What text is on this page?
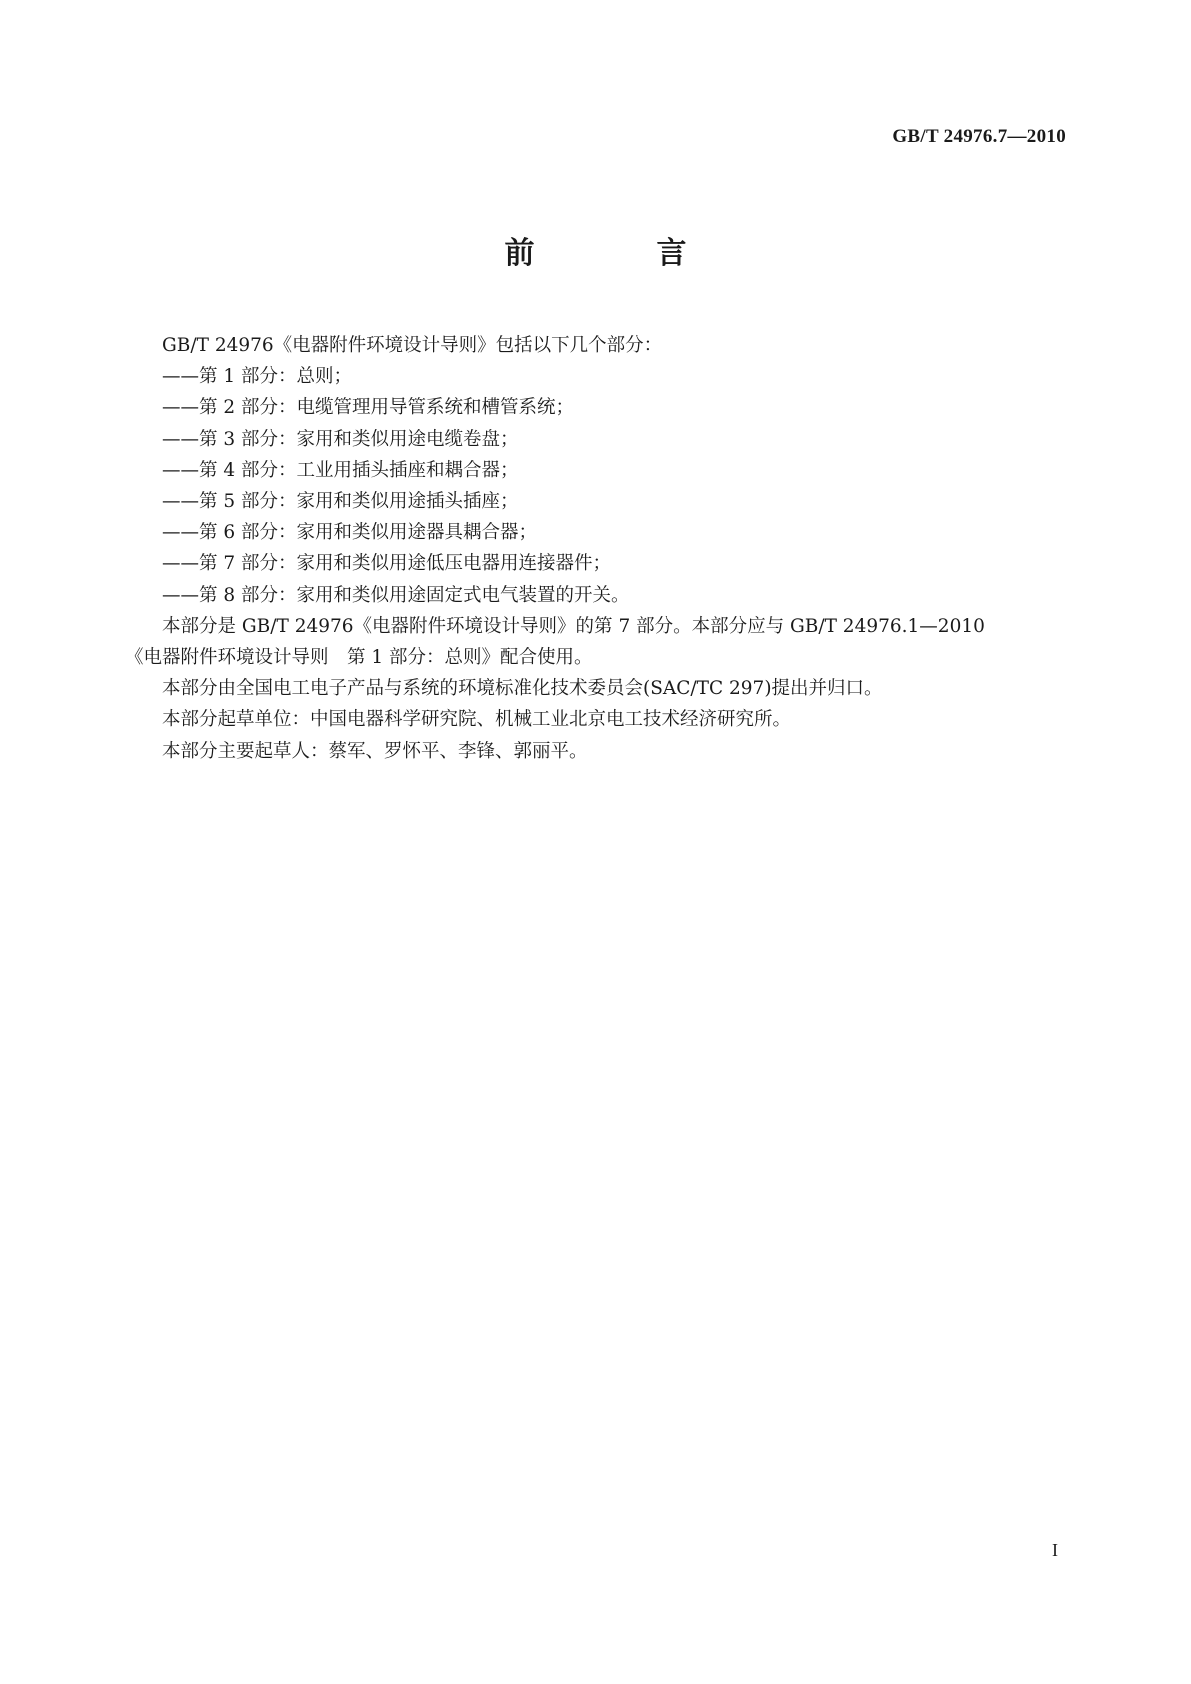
GB/T 24976.7—2010
前　言

GB/T 24976《电器附件环境设计导则》包括以下几个部分：

——第 1 部分：总则；

——第 2 部分：电缆管理用导管系统和槽管系统；

——第 3 部分：家用和类似用途电缆卷盘；

——第 4 部分：工业用插头插座和耦合器；

——第 5 部分：家用和类似用途插头插座；

——第 6 部分：家用和类似用途器具耦合器；

——第 7 部分：家用和类似用途低压电器用连接器件；

——第 8 部分：家用和类似用途固定式电气装置的开关。

本部分是 GB/T 24976《电器附件环境设计导则》的第 7 部分。本部分应与 GB/T 24976.1—2010

《电器附件环境设计导则　第 1 部分：总则》配合使用。

本部分由全国电工电子产品与系统的环境标准化技术委员会(SAC/TC 297)提出并归口。

本部分起草单位：中国电器科学研究院、机械工业北京电工技术经济研究所。

本部分主要起草人：蔡军、罗怀平、李锋、郭丽平。

I
